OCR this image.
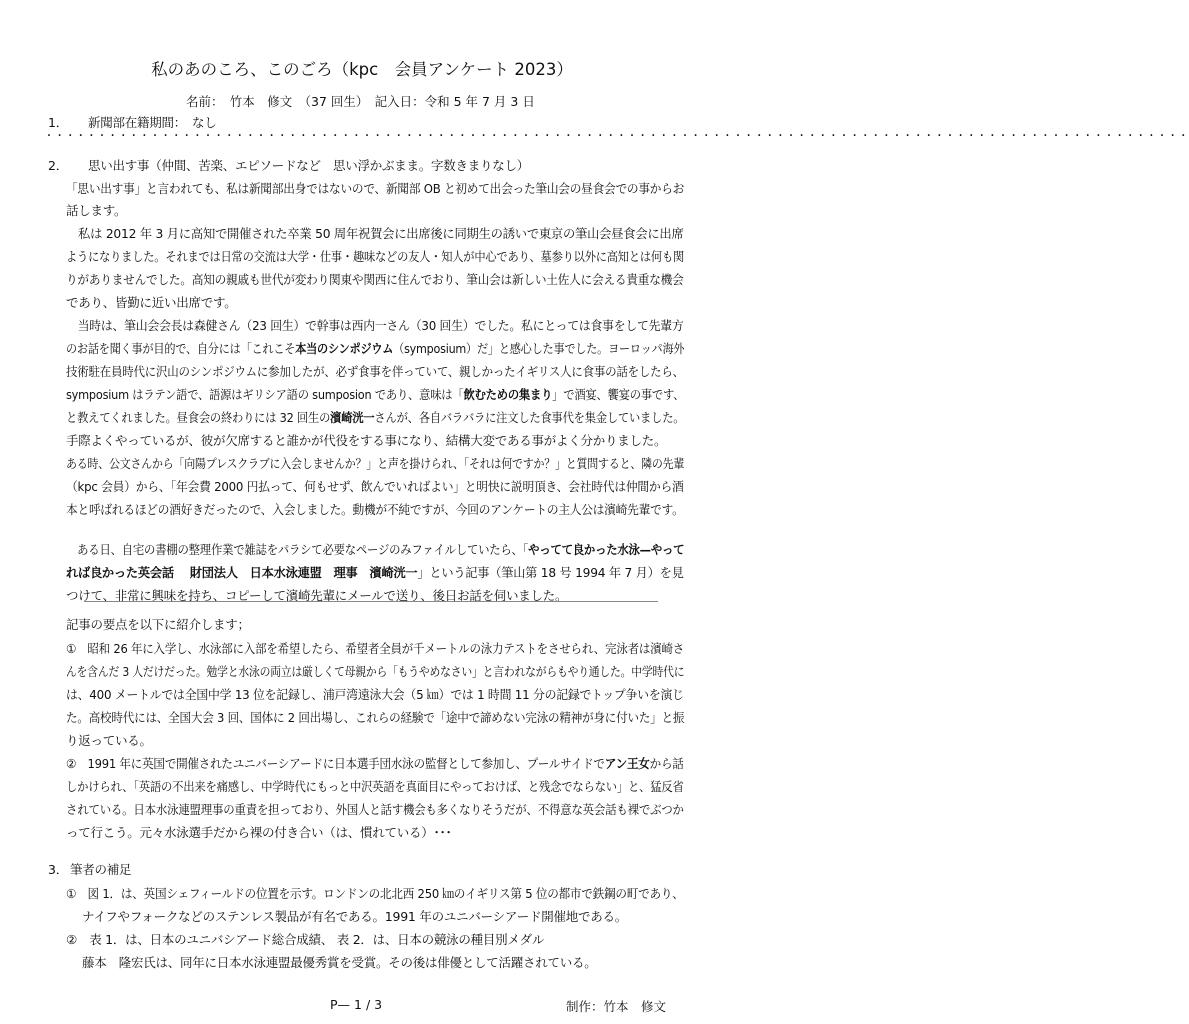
私のあのころ、このごろ（kpc　会員アンケート 2023）
名前：　竹本　修文　（37 回生）　記入日：令和 5 年 7 月 3 日
1． 新聞部在籍期間：　なし
・・・・・・・・・・・・・・・・・・・・・・・・・・・・・・・・・・・・・・・・・・・・・・・・・・・・・・・・・・・・・・・・・・・・・・・・・・・・・・・・・・・・・・・・・・・・・・・・・・・・・・・・・・・・
2． 思い出す事（仲間、苦楽、エピソードなど　思い浮かぶまま。字数きまりなし）
「思い出す事」と言われても、私は新聞部出身ではないので、新聞部 OB と初めて出会った筆山会の昼食会での事からお
話します。
　私は 2012 年 3 月に高知で開催された卒業 50 周年祝賀会に出席後に同期生の誘いで東京の筆山会昼食会に出席
ようになりました。それまでは日常の交流は大学・仕事・趣味などの友人・知人が中心であり、墓参り以外に高知とは何も関
りがありませんでした。高知の親戚も世代が変わり関東や関西に住んでおり、筆山会は新しい土佐人に会える貴重な機会
であり、皆勤に近い出席です。
　当時は、筆山会会長は森健さん（23 回生）で幹事は西内一さん（30 回生）でした。私にとっては食事をして先輩方
のお話を聞く事が目的で、自分には「これこそ本当のシンポジウム（symposium）だ」と感心した事でした。ヨーロッパ海外
技術駐在員時代に沢山のシンポジウムに参加したが、必ず食事を伴っていて、親しかったイギリス人に食事の話をしたら、
symposium はラテン語で、語源はギリシア語の sumposion であり、意味は「飲むための集まり」で酒宴、饗宴の事です、
と教えてくれました。昼食会の終わりには 32 回生の濱崎洸一さんが、各自バラバラに注文した食事代を集金していました。
手際よくやっているが、彼が欠席すると誰かが代役をする事になり、結構大変である事がよく分かりました。
ある時、公文さんから「向陽プレスクラブに入会しませんか？」と声を掛けられ、「それは何ですか？」と質問すると、隣の先輩
（kpc 会員）から、「年会費 2000 円払って、何もせず、飲んでいればよい」と明快に説明頂き、会社時代は仲間から酒
本と呼ばれるほどの酒好きだったので、入会しました。動機が不純ですが、今回のアンケートの主人公は濱崎先輩です。
　ある日、自宅の書棚の整理作業で雑誌をパラシて必要なページのみファイルしていたら、「やってて良かった水泳—やって
れば良かった英会話　 財団法人　日本水泳連盟　理事　濱崎洸一」という記事（筆山第 18 号 1994 年 7 月）を見
つけて、非常に興味を持ち、コピーして濱崎先輩にメールで送り、後日お話を伺いました。
記事の要点を以下に紹介します；
①　昭和 26 年に入学し、水泳部に入部を希望したら、希望者全員が千メートルの泳力テストをさせられ、完泳者は濱崎さ
んを含んだ 3 人だけだった。勉学と水泳の両立は厳しくて母親から「もうやめなさい」と言われながらもやり通した。中学時代に
は、400 メートルでは全国中学 13 位を記録し、浦戸湾遠泳大会（5 ㎞）では 1 時間 11 分の記録でトップ争いを演じ
た。高校時代には、全国大会 3 回、国体に 2 回出場し、これらの経験で「途中で諦めない完泳の精神が身に付いた」と振
り返っている。
②　1991 年に英国で開催されたユニバーシアードに日本選手団水泳の監督として参加し、プールサイドでアン王女から話
しかけられ、「英語の不出来を痛感し、中学時代にもっと中沢英語を真面目にやっておけば、と残念でならない」と、猛反省
されている。日本水泳連盟理事の重責を担っており、外国人と話す機会も多くなりそうだが、不得意な英会話も裸でぶつか
って行こう。元々水泳選手だから裸の付き合い（は、慣れている）･･･
3． 筆者の補足
①　図 1．は、英国シェフィールドの位置を示す。ロンドンの北北西 250 ㎞のイギリス第 5 位の都市で鉄鋼の町であり、
　 ナイフやフォークなどのステンレス製品が有名である。1991 年のユニバーシアード開催地である。
②　表 1．は、日本のユニバシアード総合成績、 表 2．は、日本の競泳の種目別メダル
　 藤本　隆宏氏は、同年に日本水泳連盟最優秀賞を受賞。その後は俳優として活躍されている。
P— 1 / 3	制作：竹本　修文
